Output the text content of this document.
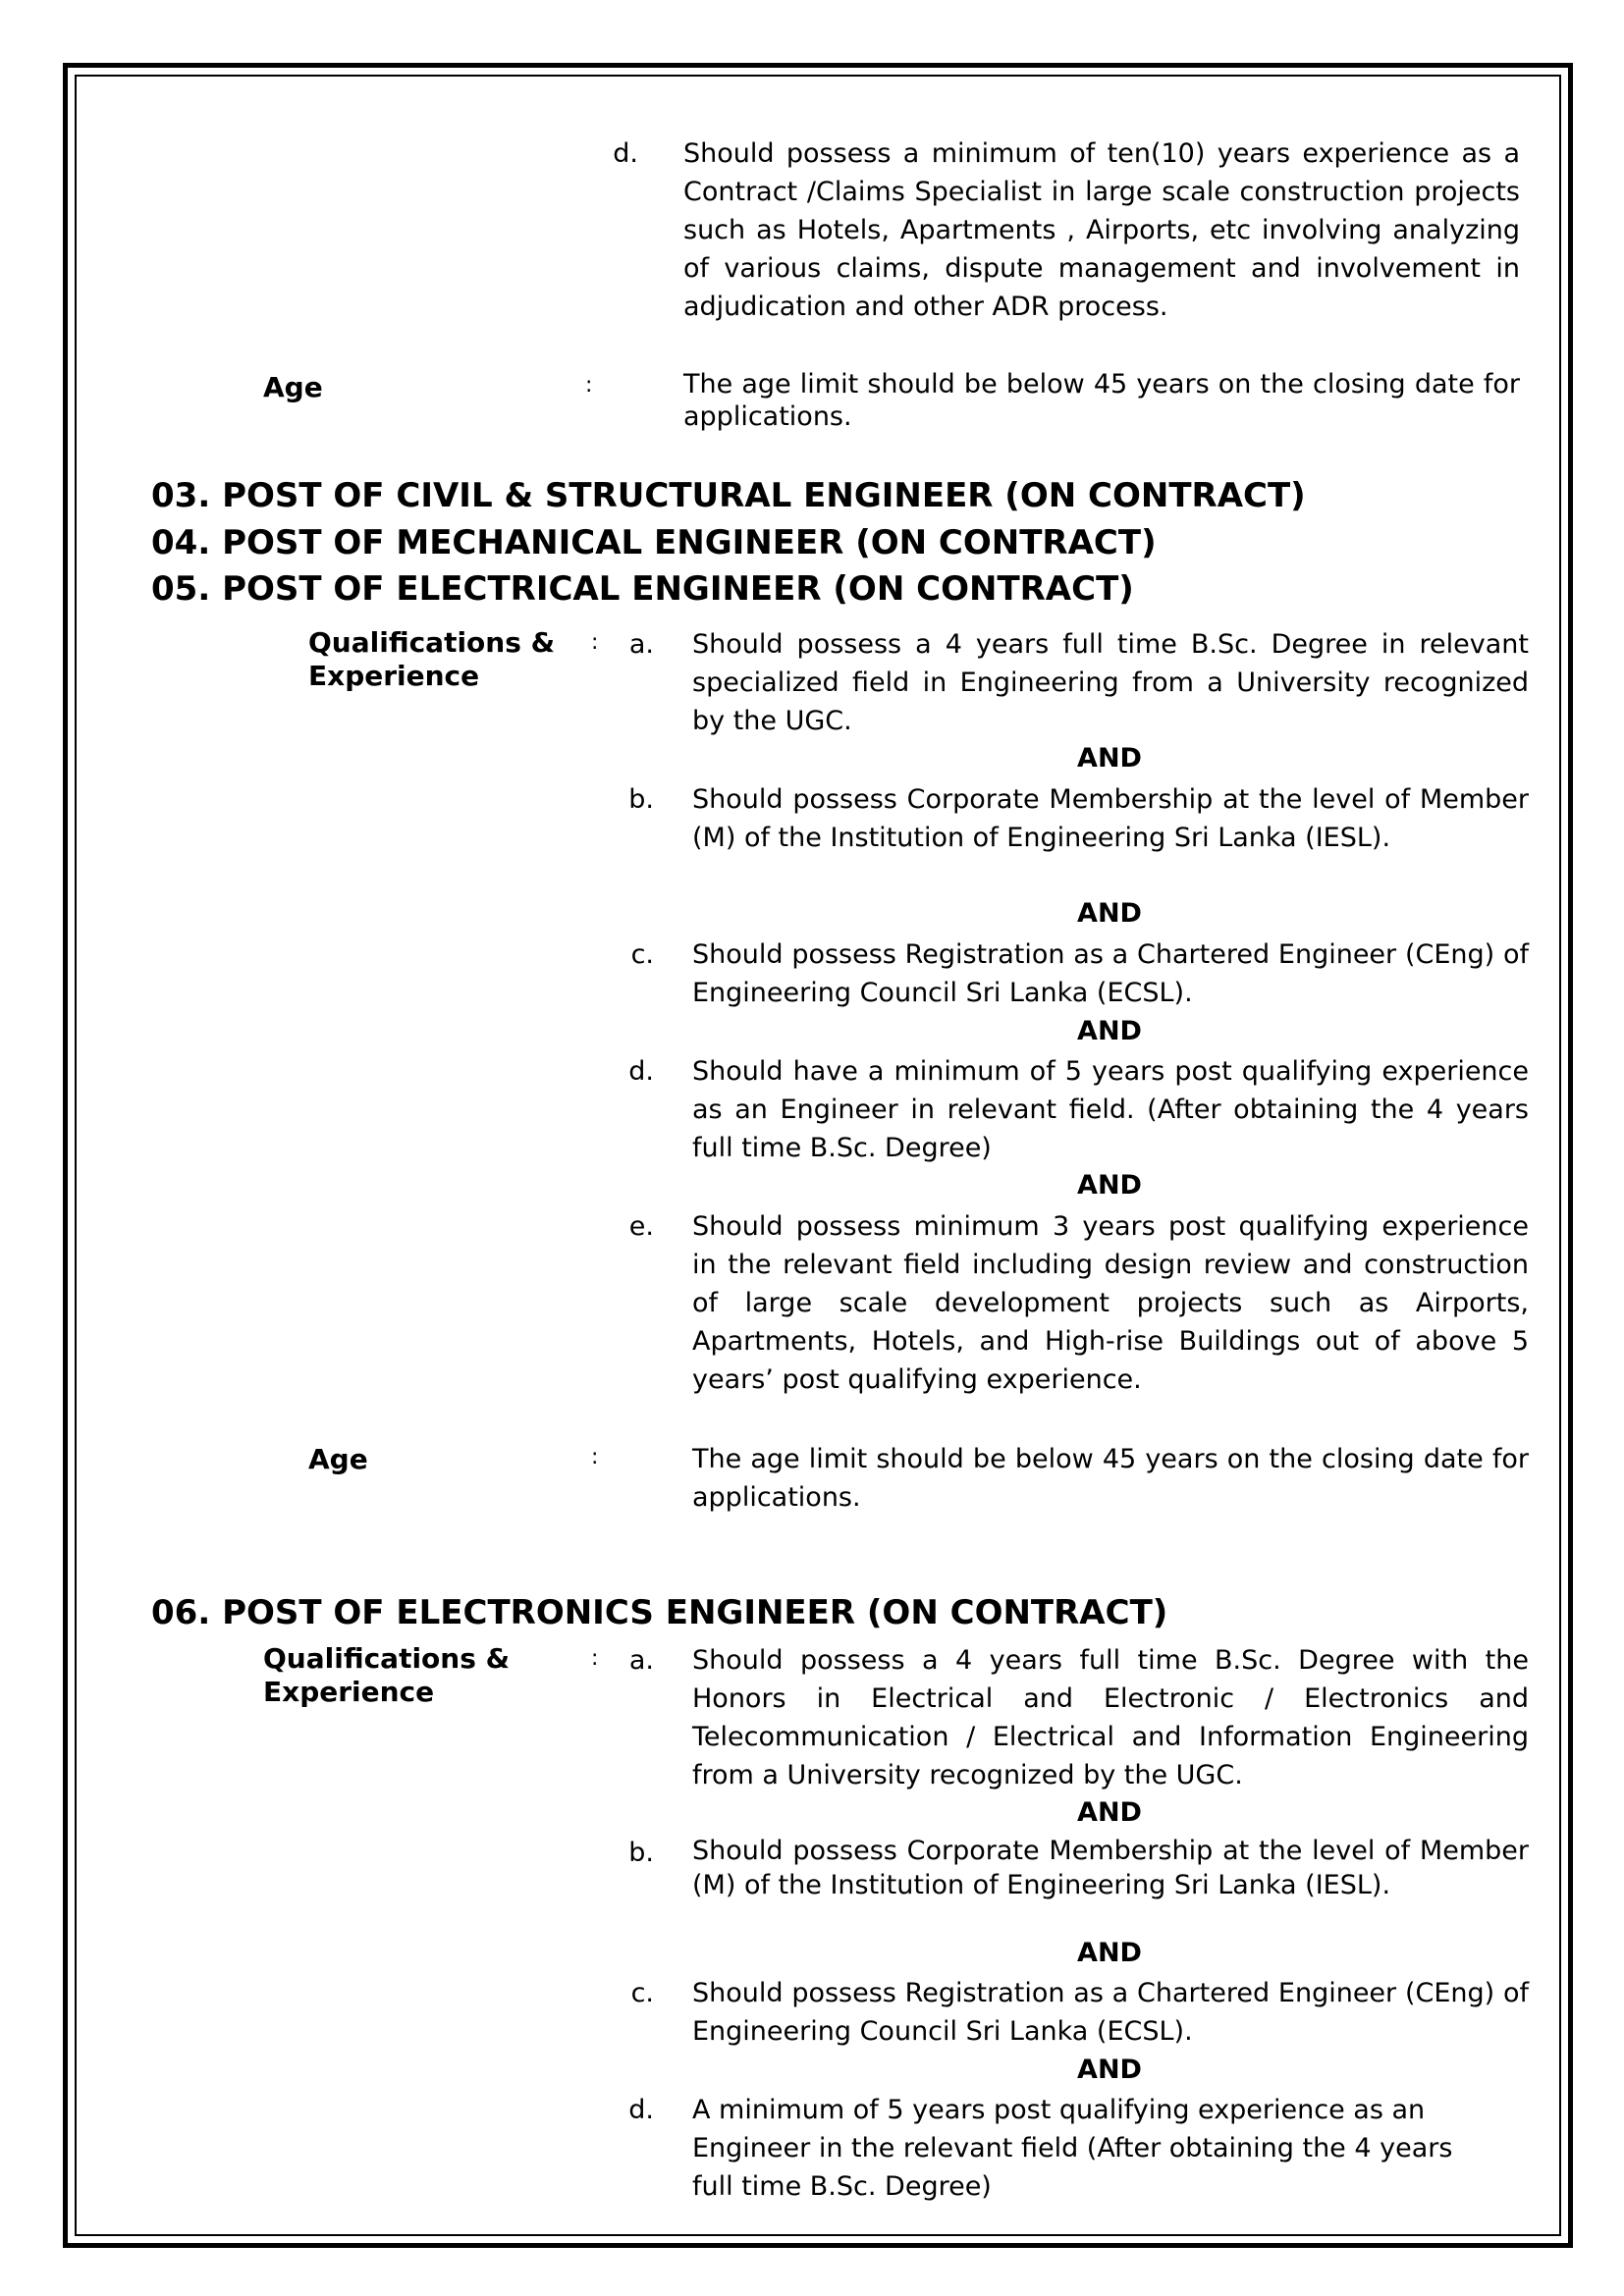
d. Should possess a minimum of ten(10) years experience as a Contract /Claims Specialist in large scale construction projects such as Hotels, Apartments , Airports, etc involving analyzing of various claims, dispute management and involvement in adjudication and other ADR process.
Age	:	The age limit should be below 45 years on the closing date for applications.
03. POST OF CIVIL & STRUCTURAL ENGINEER (ON CONTRACT)
04. POST OF MECHANICAL ENGINEER (ON CONTRACT)
05. POST OF ELECTRICAL ENGINEER (ON CONTRACT)
Qualifications & Experience
:	a. Should possess a 4 years full time B.Sc. Degree in relevant specialized field in Engineering from a University recognized by the UGC.
AND
b. Should possess Corporate Membership at the level of Member (M) of the Institution of Engineering Sri Lanka (IESL).
AND
c. Should possess Registration as a Chartered Engineer (CEng) of Engineering Council Sri Lanka (ECSL).
AND
d. Should have a minimum of 5 years post qualifying experience as an Engineer in relevant field. (After obtaining the 4 years full time B.Sc. Degree)
AND
e. Should possess minimum 3 years post qualifying experience in the relevant field including design review and construction of large scale development projects such as Airports, Apartments, Hotels, and High-rise Buildings out of above 5 years’ post qualifying experience.
Age	:	The age limit should be below 45 years on the closing date for applications.
06. POST OF ELECTRONICS ENGINEER (ON CONTRACT)
Qualifications & Experience
:	a. Should possess a 4 years full time B.Sc. Degree with the Honors in Electrical and Electronic / Electronics and Telecommunication / Electrical and Information Engineering from a University recognized by the UGC.
AND
b. Should possess Corporate Membership at the level of Member (M) of the Institution of Engineering Sri Lanka (IESL).
AND
c. Should possess Registration as a Chartered Engineer (CEng) of Engineering Council Sri Lanka (ECSL).
AND
d. A minimum of 5 years post qualifying experience as an Engineer in the relevant field (After obtaining the 4 years full time B.Sc. Degree)
